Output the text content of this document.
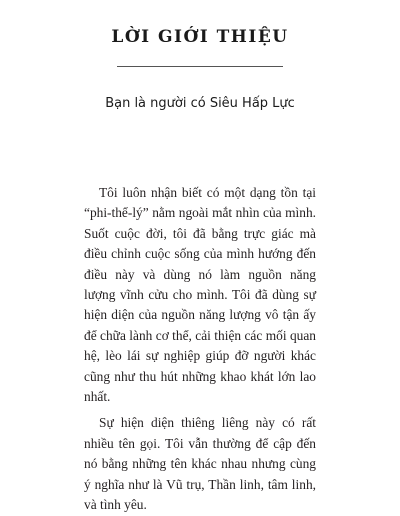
LỜI GIỚI THIỆU
Bạn là người có Siêu Hấp Lực

Tôi luôn nhận biết có một dạng tồn tại “phi-thể-lý” nằm ngoài mắt nhìn của mình. Suốt cuộc đời, tôi đã bằng trực giác mà điều chỉnh cuộc sống của mình hướng đến điều này và dùng nó làm nguồn năng lượng vĩnh cửu cho mình. Tôi đã dùng sự hiện diện của nguồn năng lượng vô tận ấy để chữa lành cơ thể, cải thiện các mối quan hệ, lèo lái sự nghiệp giúp đỡ người khác cũng như thu hút những khao khát lớn lao nhất.

Sự hiện diện thiêng liêng này có rất nhiều tên gọi. Tôi vẫn thường để cập đến nó bằng những tên khác nhau nhưng cùng ý nghĩa như là Vũ trụ, Thần linh, tâm linh, và tình yêu.
